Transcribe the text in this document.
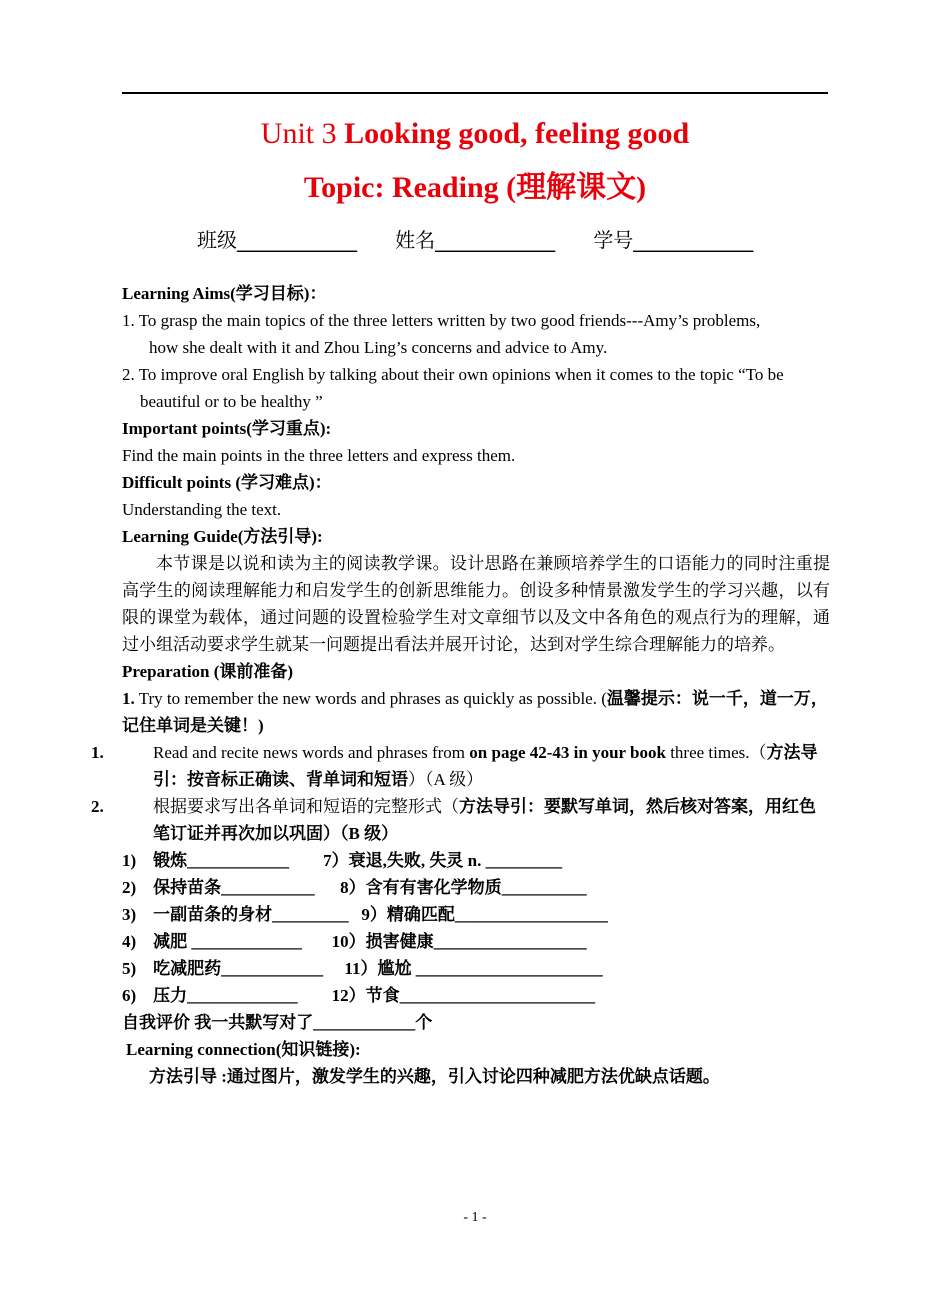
Unit 3 Looking good, feeling good
Topic: Reading (理解课文)
班级____________ 姓名____________ 学号____________

Learning Aims(学习目标)：

1. To grasp the main topics of the three letters written by two good friends---Amy’s problems,

how she dealt with it and Zhou Ling’s concerns and advice to Amy.

2. To improve oral English by talking about their own opinions when it comes to the topic “To be

beautiful or to be healthy ”

Important points(学习重点):

Find the main points in the three letters and express them.

Difficult points (学习难点)：

Understanding the text.

Learning Guide(方法引导):

本节课是以说和读为主的阅读教学课。设计思路在兼顾培养学生的口语能力的同时注重提高学生的阅读理解能力和启发学生的创新思维能力。创设多种情景激发学生的学习兴趣，以有限的课堂为载体，通过问题的设置检验学生对文章细节以及文中各角色的观点行为的理解，通过小组活动要求学生就某一问题提出看法并展开讨论，达到对学生综合理解能力的培养。

Preparation (课前准备)

1. Try to remember the new words and phrases as quickly as possible. (温馨提示：说一千，道一万，记住单词是关键！)

1.	Read and recite news words and phrases from on page 42-43 in your book three times.（方法导引：按音标正确读、背单词和短语）（A 级）

2.	根据要求写出各单词和短语的完整形式（方法导引：要默写单词，然后核对答案，用红色笔订证并再次加以巩固）（B 级）

1)    锻炼____________        7）衰退,失败, 失灵 n. _________

2)    保持苗条___________      8）含有有害化学物质__________

3)    一副苗条的身材_________   9）精确匹配__________________

4)    减肥 _____________       10）损害健康__________________

5)    吃减肥药____________     11）尴尬 ______________________

6)    压力_____________        12）节食_______________________

自我评价 我一共默写对了____________个

Learning connection(知识链接):

方法引导 :通过图片，激发学生的兴趣，引入讨论四种减肥方法优缺点话题。

- 1 -
